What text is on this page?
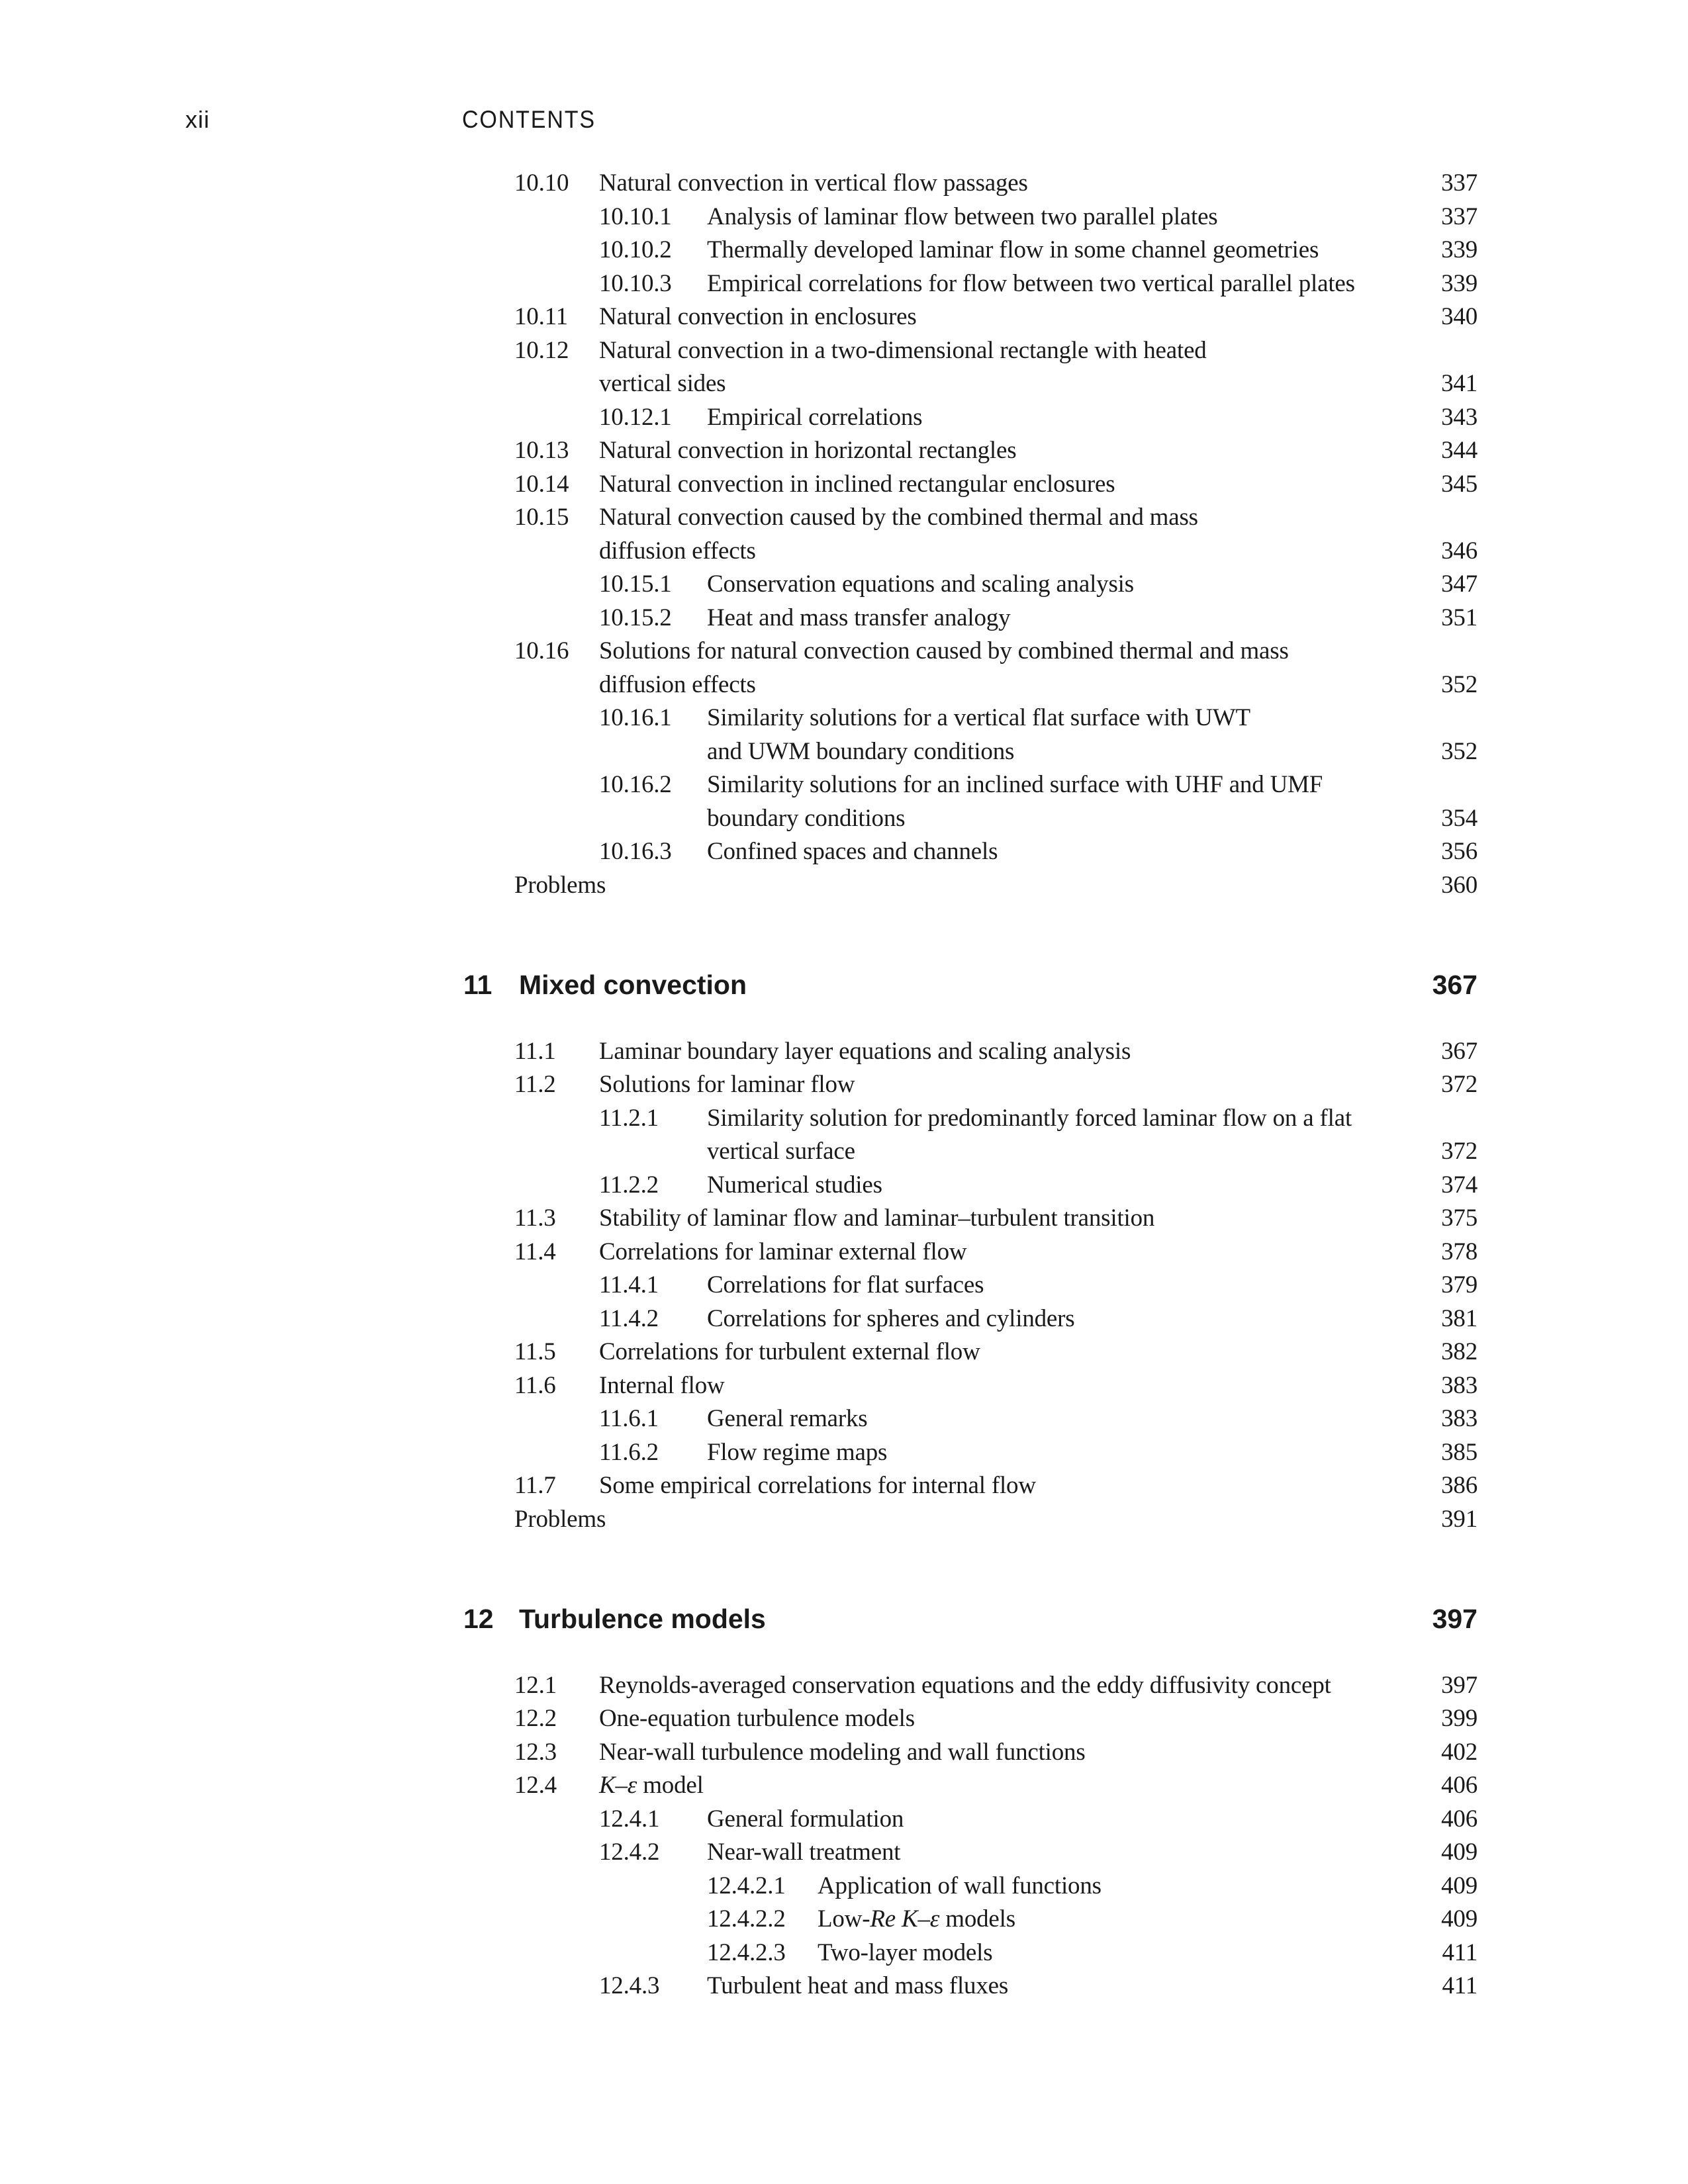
xii	CONTENTS
10.10 Natural convection in vertical flow passages	337
10.10.1 Analysis of laminar flow between two parallel plates	337
10.10.2 Thermally developed laminar flow in some channel geometries	339
10.10.3 Empirical correlations for flow between two vertical parallel plates	339
10.11 Natural convection in enclosures	340
10.12 Natural convection in a two-dimensional rectangle with heated
vertical sides	341
10.12.1 Empirical correlations	343
10.13 Natural convection in horizontal rectangles	344
10.14 Natural convection in inclined rectangular enclosures	345
10.15 Natural convection caused by the combined thermal and mass
diffusion effects	346
10.15.1 Conservation equations and scaling analysis	347
10.15.2 Heat and mass transfer analogy	351
10.16 Solutions for natural convection caused by combined thermal and mass
diffusion effects	352
10.16.1 Similarity solutions for a vertical flat surface with UWT
and UWM boundary conditions	352
10.16.2 Similarity solutions for an inclined surface with UHF and UMF
boundary conditions	354
10.16.3 Confined spaces and channels	356
Problems	360
11 Mixed convection	367
11.1 Laminar boundary layer equations and scaling analysis	367
11.2 Solutions for laminar flow	372
11.2.1 Similarity solution for predominantly forced laminar flow on a flat
vertical surface	372
11.2.2 Numerical studies	374
11.3 Stability of laminar flow and laminar–turbulent transition	375
11.4 Correlations for laminar external flow	378
11.4.1 Correlations for flat surfaces	379
11.4.2 Correlations for spheres and cylinders	381
11.5 Correlations for turbulent external flow	382
11.6 Internal flow	383
11.6.1 General remarks	383
11.6.2 Flow regime maps	385
11.7 Some empirical correlations for internal flow	386
Problems	391
12 Turbulence models	397
12.1 Reynolds-averaged conservation equations and the eddy diffusivity concept	397
12.2 One-equation turbulence models	399
12.3 Near-wall turbulence modeling and wall functions	402
12.4 K–ε model	406
12.4.1 General formulation	406
12.4.2 Near-wall treatment	409
12.4.2.1 Application of wall functions	409
12.4.2.2 Low-Re K–ε models	409
12.4.2.3 Two-layer models	411
12.4.3 Turbulent heat and mass fluxes	411
